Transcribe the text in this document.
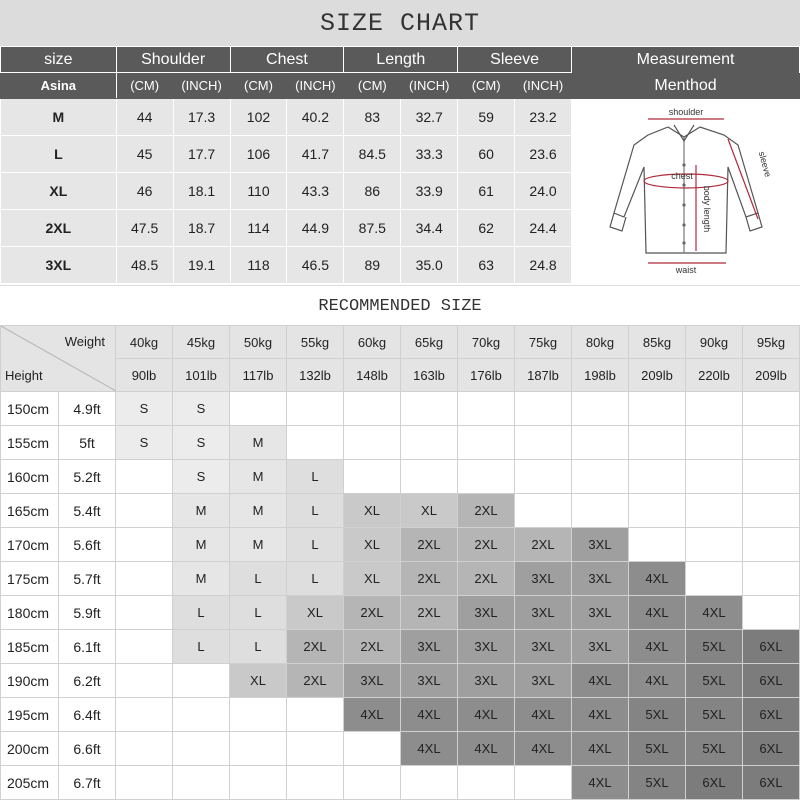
SIZE CHART
size	Shoulder		Chest		Length		Sleeve		Measurement
Asina	(CM)	(INCH)	(CM)	(INCH)	(CM)	(INCH)	(CM)	(INCH)	Menthod
M	44	17.3	102	40.2	83	32.7	59	23.2	shoulder
chest
waist
body length
sleeve

L	45	17.7	106	41.7	84.5	33.3	60	23.6	
XL	46	18.1	110	43.3	86	33.9	61	24.0	
2XL	47.5	18.7	114	44.9	87.5	34.4	62	24.4	
3XL	48.5	19.1	118	46.5	89	35.0	63	24.8	
RECOMMENDED SIZE
Weight
Height		40kg	45kg	50kg	55kg	60kg	65kg	70kg	75kg	80kg	85kg	90kg	95kg
		90lb	101lb	117lb	132lb	148lb	163lb	176lb	187lb	198lb	209lb	220lb	209lb
150cm	4.9ft	S	S										
155cm	5ft	S	S	M									
160cm	5.2ft		S	M	L								
165cm	5.4ft		M	M	L	XL	XL	2XL					
170cm	5.6ft		M	M	L	XL	2XL	2XL	2XL	3XL			
175cm	5.7ft		M	L	L	XL	2XL	2XL	3XL	3XL	4XL		
180cm	5.9ft		L	L	XL	2XL	2XL	3XL	3XL	3XL	4XL	4XL	
185cm	6.1ft		L	L	2XL	2XL	3XL	3XL	3XL	3XL	4XL	5XL	6XL
190cm	6.2ft			XL	2XL	3XL	3XL	3XL	3XL	4XL	4XL	5XL	6XL
195cm	6.4ft					4XL	4XL	4XL	4XL	4XL	5XL	5XL	6XL
200cm	6.6ft						4XL	4XL	4XL	4XL	5XL	5XL	6XL
205cm	6.7ft									4XL	5XL	6XL	6XL
